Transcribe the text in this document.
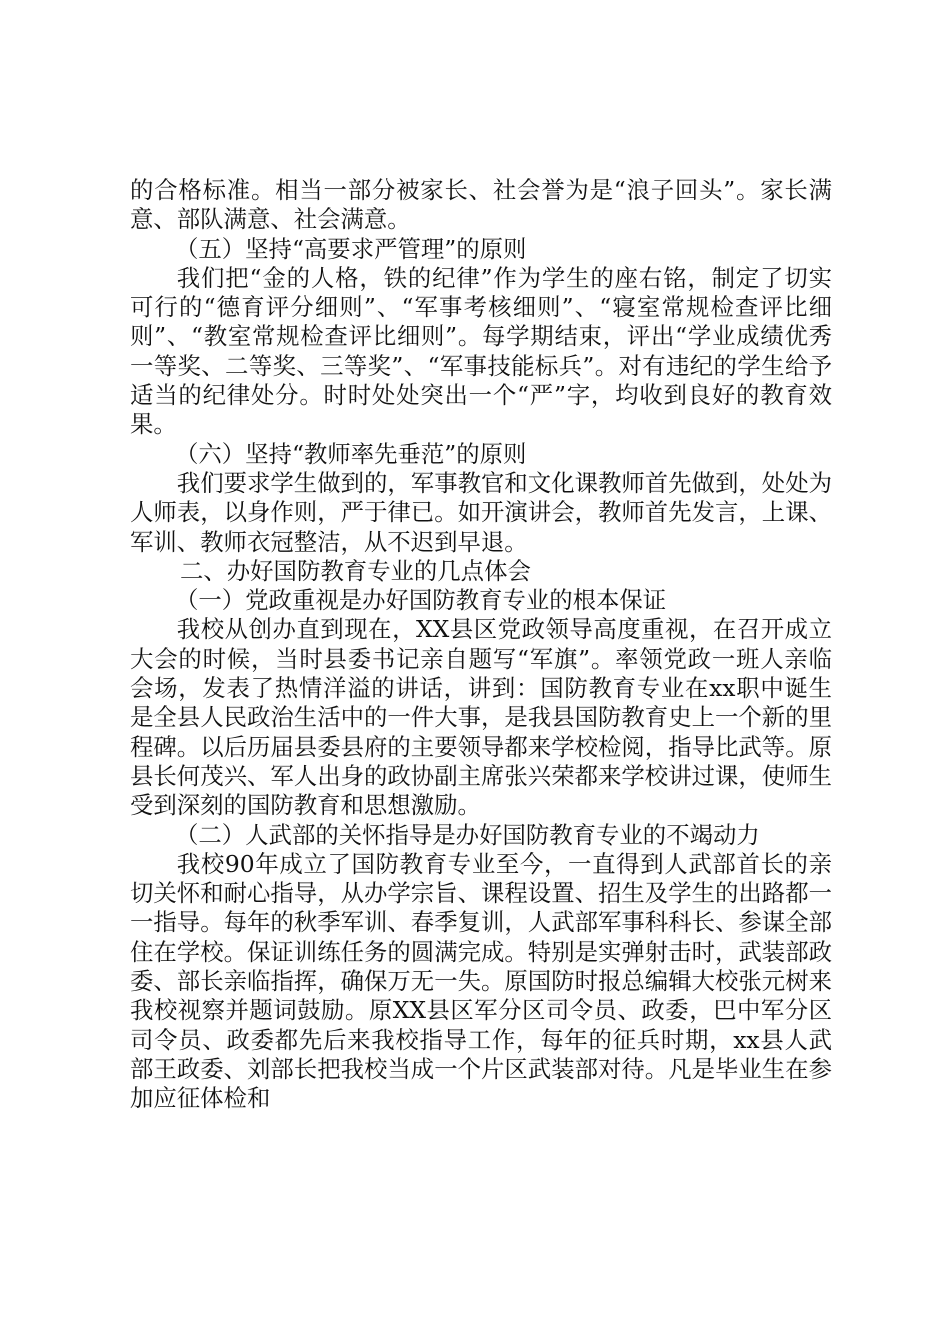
的合格标准。相当一部分被家长、社会誉为是“浪子回头”。家长满意、部队满意、社会满意。

（五）坚持“高要求严管理”的原则

我们把“金的人格，铁的纪律”作为学生的座右铭，制定了切实可行的“德育评分细则”、“军事考核细则”、“寝室常规检查评比细则”、“教室常规检查评比细则”。每学期结束，评出“学业成绩优秀一等奖、二等奖、三等奖”、“军事技能标兵”。对有违纪的学生给予适当的纪律处分。时时处处突出一个“严”字，均收到良好的教育效果。

（六）坚持“教师率先垂范”的原则

我们要求学生做到的，军事教官和文化课教师首先做到，处处为人师表，以身作则，严于律已。如开演讲会，教师首先发言，上课、军训、教师衣冠整洁，从不迟到早退。

二、办好国防教育专业的几点体会

（一）党政重视是办好国防教育专业的根本保证

我校从创办直到现在，XX县区党政领导高度重视，在召开成立大会的时候，当时县委书记亲自题写“军旗”。率领党政一班人亲临会场，发表了热情洋溢的讲话，讲到：国防教育专业在xx职中诞生是全县人民政治生活中的一件大事，是我县国防教育史上一个新的里程碑。以后历届县委县府的主要领导都来学校检阅，指导比武等。原县长何茂兴、军人出身的政协副主席张兴荣都来学校讲过课，使师生受到深刻的国防教育和思想激励。

（二）人武部的关怀指导是办好国防教育专业的不竭动力

我校90年成立了国防教育专业至今，一直得到人武部首长的亲切关怀和耐心指导，从办学宗旨、课程设置、招生及学生的出路都一一指导。每年的秋季军训、春季复训，人武部军事科科长、参谋全部住在学校。保证训练任务的圆满完成。特别是实弹射击时，武装部政委、部长亲临指挥，确保万无一失。原国防时报总编辑大校张元树来我校视察并题词鼓励。原XX县区军分区司令员、政委，巴中军分区司令员、政委都先后来我校指导工作，每年的征兵时期，xx县人武部王政委、刘部长把我校当成一个片区武装部对待。凡是毕业生在参加应征体检和
